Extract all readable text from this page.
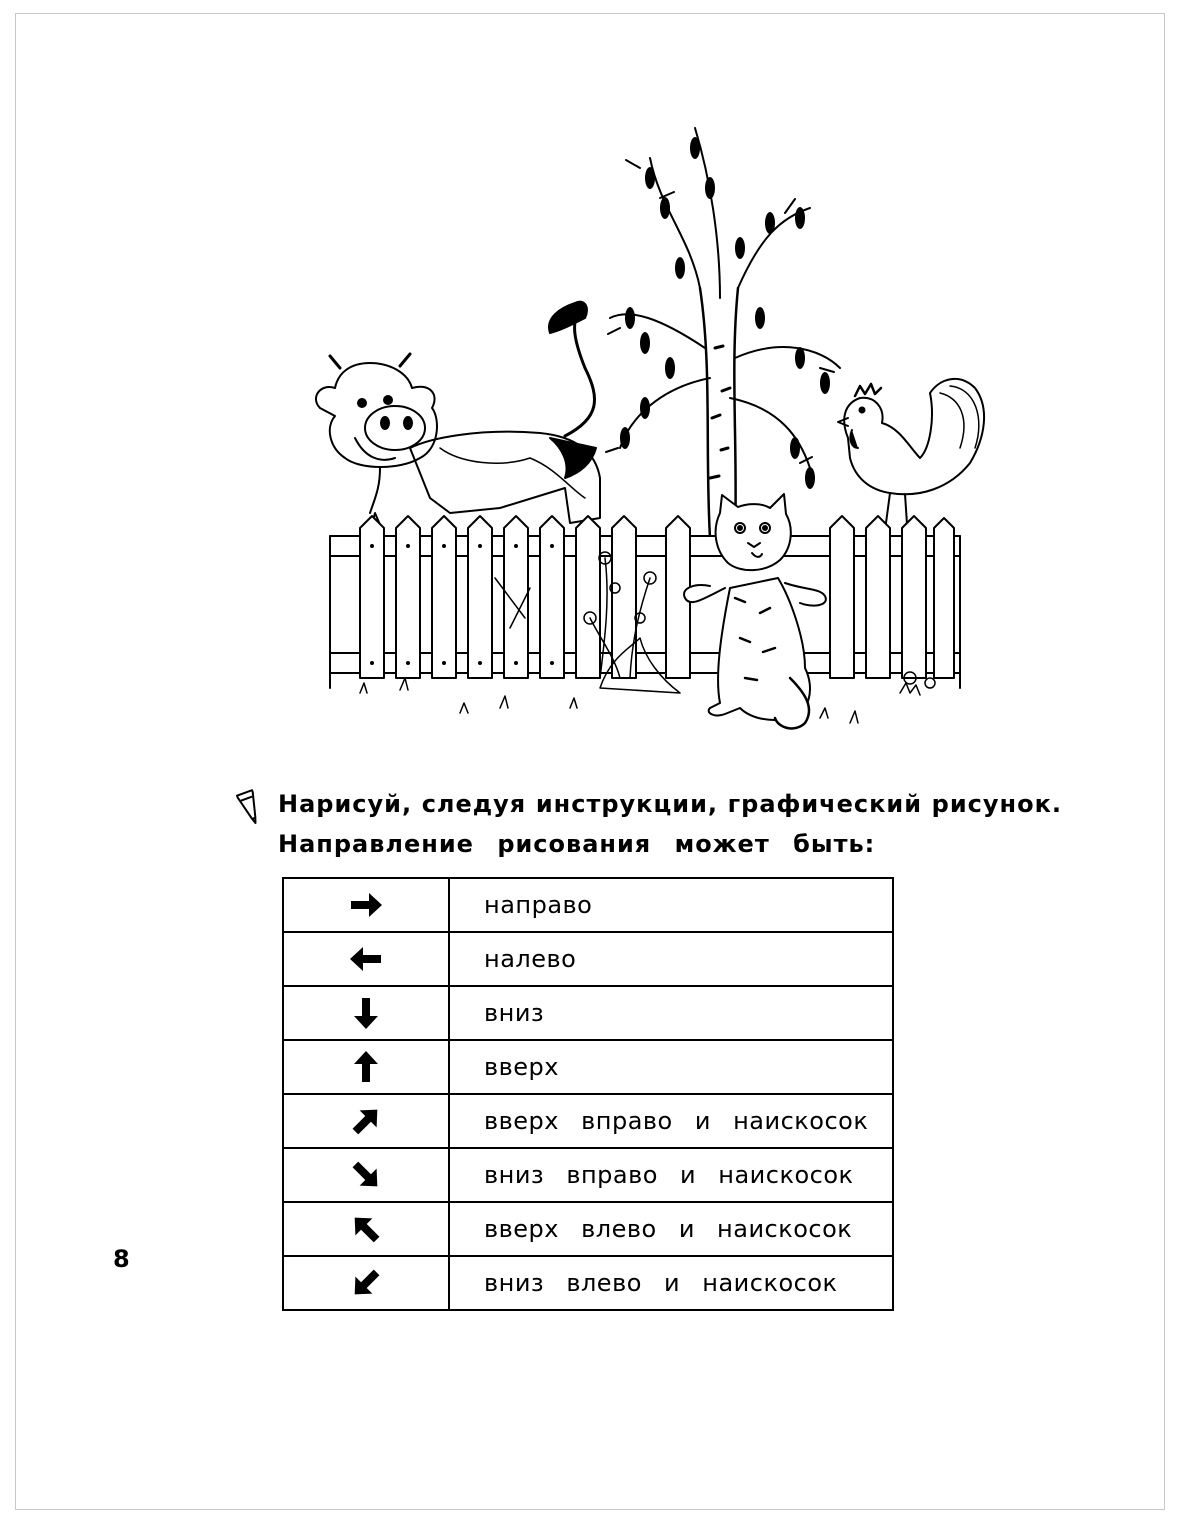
Нарисуй, следуя инструкции, графический рисунок.
Направление рисования может быть:
	направо
	налево
	вниз
	вверх
	вверх вправо и наискосок
	вниз вправо и наискосок
	вверх влево и наискосок
	вниз влево и наискосок
8
